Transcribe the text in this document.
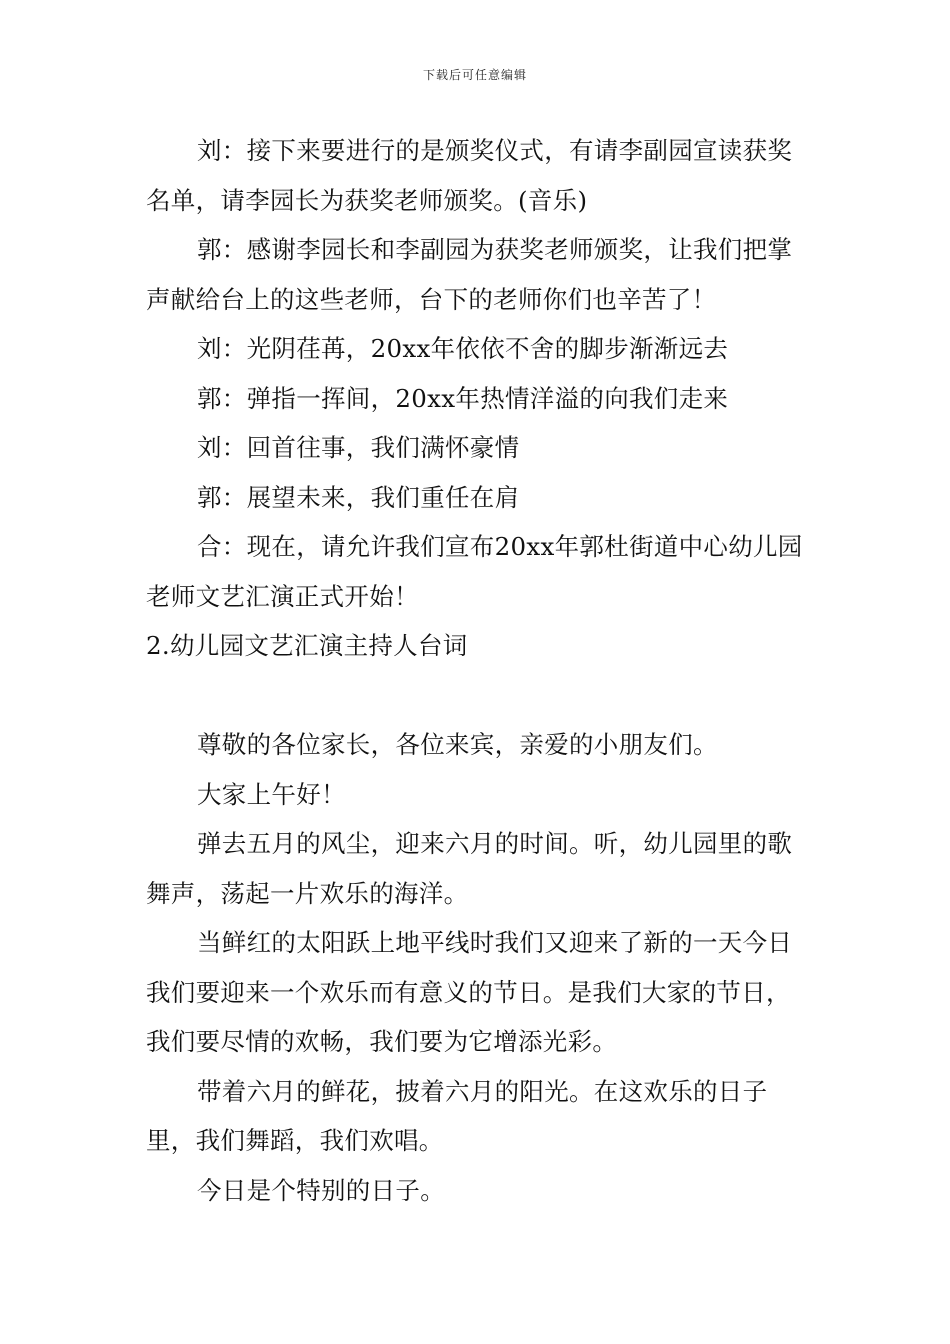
下载后可任意编辑

刘：接下来要进行的是颁奖仪式，有请李副园宣读获奖名单，请李园长为获奖老师颁奖。(音乐)

郭：感谢李园长和李副园为获奖老师颁奖，让我们把掌声献给台上的这些老师，台下的老师你们也辛苦了！

刘：光阴荏苒，20xx年依依不舍的脚步渐渐远去

郭：弹指一挥间，20xx年热情洋溢的向我们走来

刘：回首往事，我们满怀豪情

郭：展望未来，我们重任在肩

合：现在，请允许我们宣布20xx年郭杜街道中心幼儿园老师文艺汇演正式开始！

2.幼儿园文艺汇演主持人台词

尊敬的各位家长，各位来宾，亲爱的小朋友们。

大家上午好！

弹去五月的风尘，迎来六月的时间。听，幼儿园里的歌舞声，荡起一片欢乐的海洋。

当鲜红的太阳跃上地平线时我们又迎来了新的一天今日我们要迎来一个欢乐而有意义的节日。是我们大家的节日，我们要尽情的欢畅，我们要为它增添光彩。

带着六月的鲜花，披着六月的阳光。在这欢乐的日子里，我们舞蹈，我们欢唱。

今日是个特别的日子。
